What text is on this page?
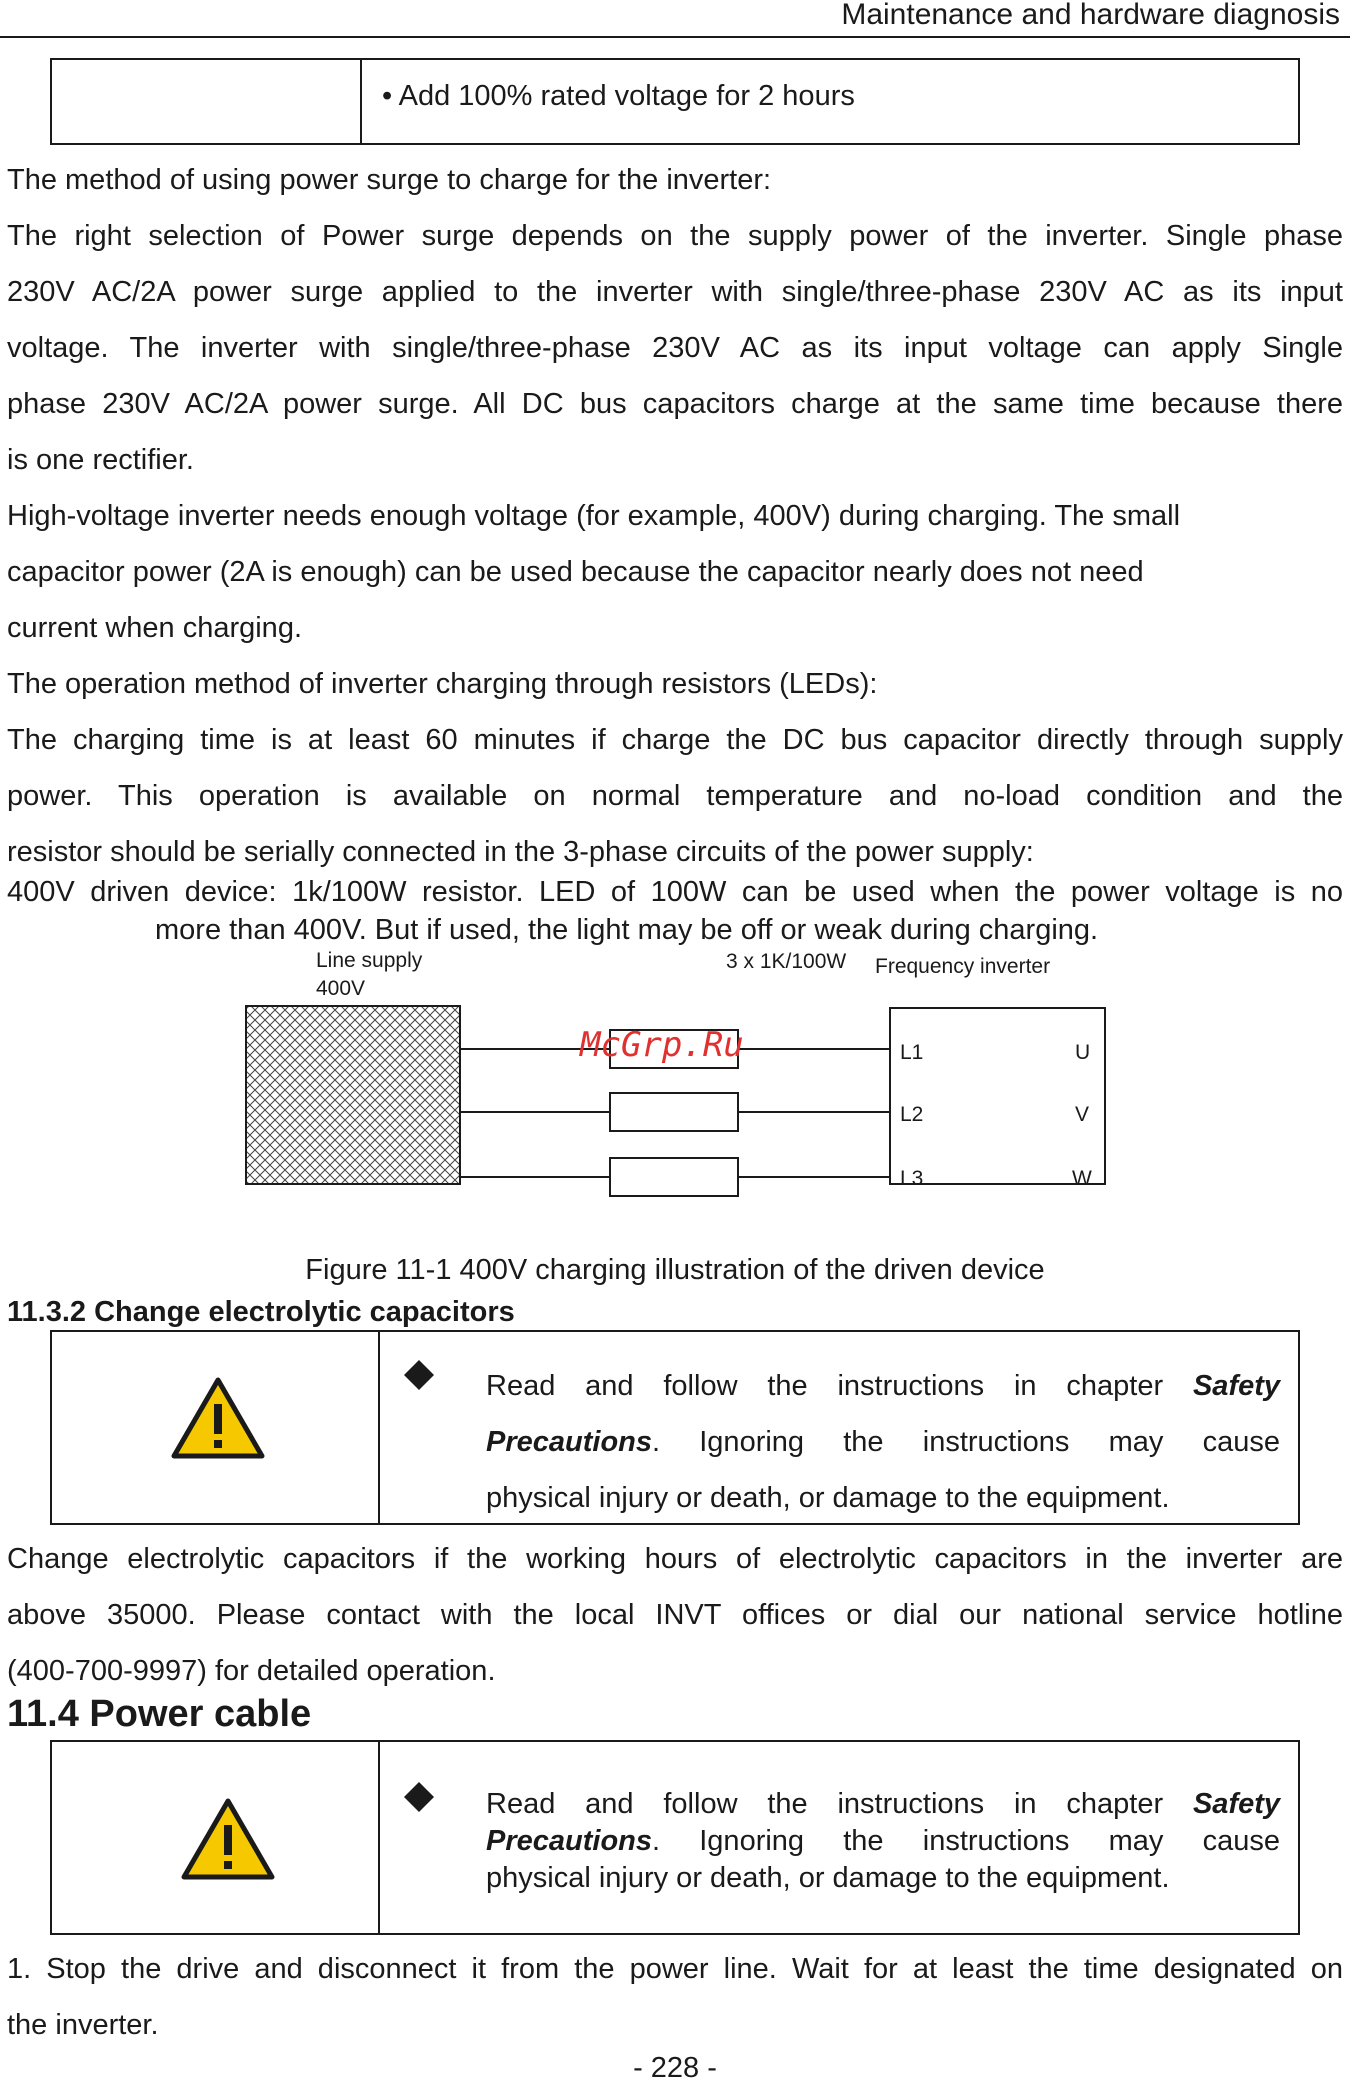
Maintenance and hardware diagnosis
• Add 100% rated voltage for 2 hours
The method of using power surge to charge for the inverter:
The right selection of Power surge depends on the supply power of the inverter. Single phase
230V AC/2A power surge applied to the inverter with single/three-phase 230V AC as its input
voltage. The inverter with single/three-phase 230V AC as its input voltage can apply Single
phase 230V AC/2A power surge. All DC bus capacitors charge at the same time because there
is one rectifier.
High-voltage inverter needs enough voltage (for example, 400V) during charging. The small
capacitor power (2A is enough) can be used because the capacitor nearly does not need
current when charging.
The operation method of inverter charging through resistors (LEDs):
The charging time is at least 60 minutes if charge the DC bus capacitor directly through supply
power. This operation is available on normal temperature and no-load condition and the
resistor should be serially connected in the 3-phase circuits of the power supply:
400V driven device: 1k/100W resistor. LED of 100W can be used when the power voltage is no
more than 400V. But if used, the light may be off or weak during charging.
Line supply
400V
3 x 1K/100W Frequency inverter
L1
L2
L3
U
V
W
McGrp.Ru
Figure 11-1 400V charging illustration of the driven device
11.3.2 Change electrolytic capacitors
Read and follow the instructions in chapter Safety
Precautions. Ignoring the instructions may cause
physical injury or death, or damage to the equipment.
Change electrolytic capacitors if the working hours of electrolytic capacitors in the inverter are
above 35000. Please contact with the local INVT offices or dial our national service hotline
(400-700-9997) for detailed operation.
11.4 Power cable
Read and follow the instructions in chapter Safety
Precautions. Ignoring the instructions may cause
physical injury or death, or damage to the equipment.
1. Stop the drive and disconnect it from the power line. Wait for at least the time designated on
the inverter.
- 228 -
